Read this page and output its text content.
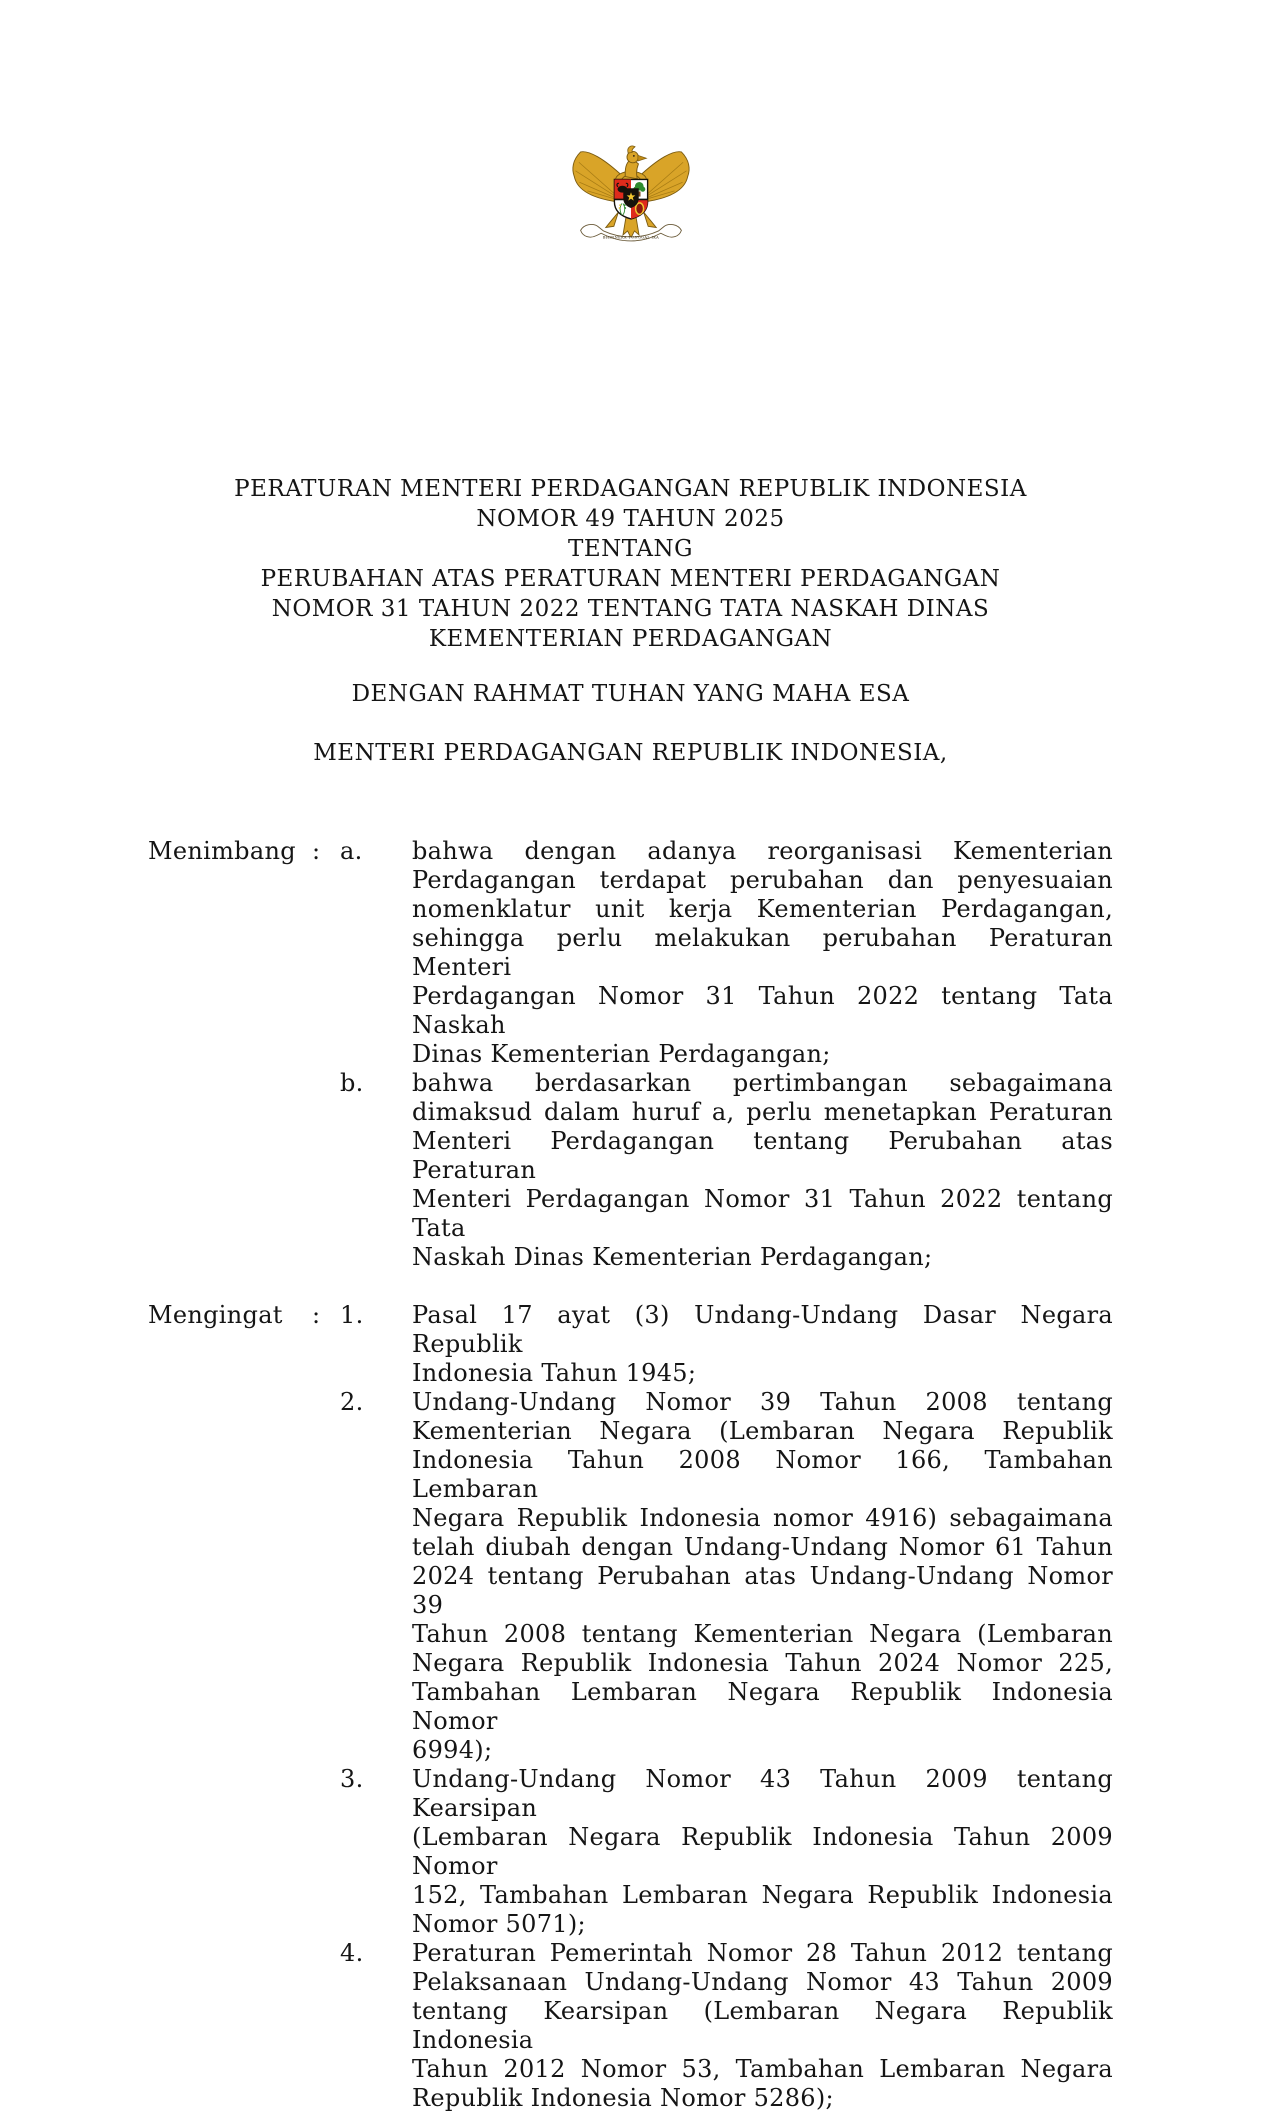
BHINNEKA TUNGGAL IKA
PERATURAN MENTERI PERDAGANGAN REPUBLIK INDONESIA
NOMOR 49 TAHUN 2025
TENTANG
PERUBAHAN ATAS PERATURAN MENTERI PERDAGANGAN
NOMOR 31 TAHUN 2022 TENTANG TATA NASKAH DINAS
KEMENTERIAN PERDAGANGAN
DENGAN RAHMAT TUHAN YANG MAHA ESA
MENTERI PERDAGANGAN REPUBLIK INDONESIA,
Menimbang : a.	bahwa dengan adanya reorganisasi Kementerian
Perdagangan terdapat perubahan dan penyesuaian
nomenklatur unit kerja Kementerian Perdagangan,
sehingga perlu melakukan perubahan Peraturan Menteri
Perdagangan Nomor 31 Tahun 2022 tentang Tata Naskah
Dinas Kementerian Perdagangan;
b.	bahwa berdasarkan pertimbangan sebagaimana
dimaksud dalam huruf a, perlu menetapkan Peraturan
Menteri Perdagangan tentang Perubahan atas Peraturan
Menteri Perdagangan Nomor 31 Tahun 2022 tentang Tata
Naskah Dinas Kementerian Perdagangan;
Mengingat : 1.	Pasal 17 ayat (3) Undang-Undang Dasar Negara Republik
Indonesia Tahun 1945;
2.	Undang-Undang Nomor 39 Tahun 2008 tentang
Kementerian Negara (Lembaran Negara Republik
Indonesia Tahun 2008 Nomor 166, Tambahan Lembaran
Negara Republik Indonesia nomor 4916) sebagaimana
telah diubah dengan Undang-Undang Nomor 61 Tahun
2024 tentang Perubahan atas Undang-Undang Nomor 39
Tahun 2008 tentang Kementerian Negara (Lembaran
Negara Republik Indonesia Tahun 2024 Nomor 225,
Tambahan Lembaran Negara Republik Indonesia Nomor
6994);
3.	Undang-Undang Nomor 43 Tahun 2009 tentang Kearsipan
(Lembaran Negara Republik Indonesia Tahun 2009 Nomor
152, Tambahan Lembaran Negara Republik Indonesia
Nomor 5071);
4.	Peraturan Pemerintah Nomor 28 Tahun 2012 tentang
Pelaksanaan Undang-Undang Nomor 43 Tahun 2009
tentang Kearsipan (Lembaran Negara Republik Indonesia
Tahun 2012 Nomor 53, Tambahan Lembaran Negara
Republik Indonesia Nomor 5286);
